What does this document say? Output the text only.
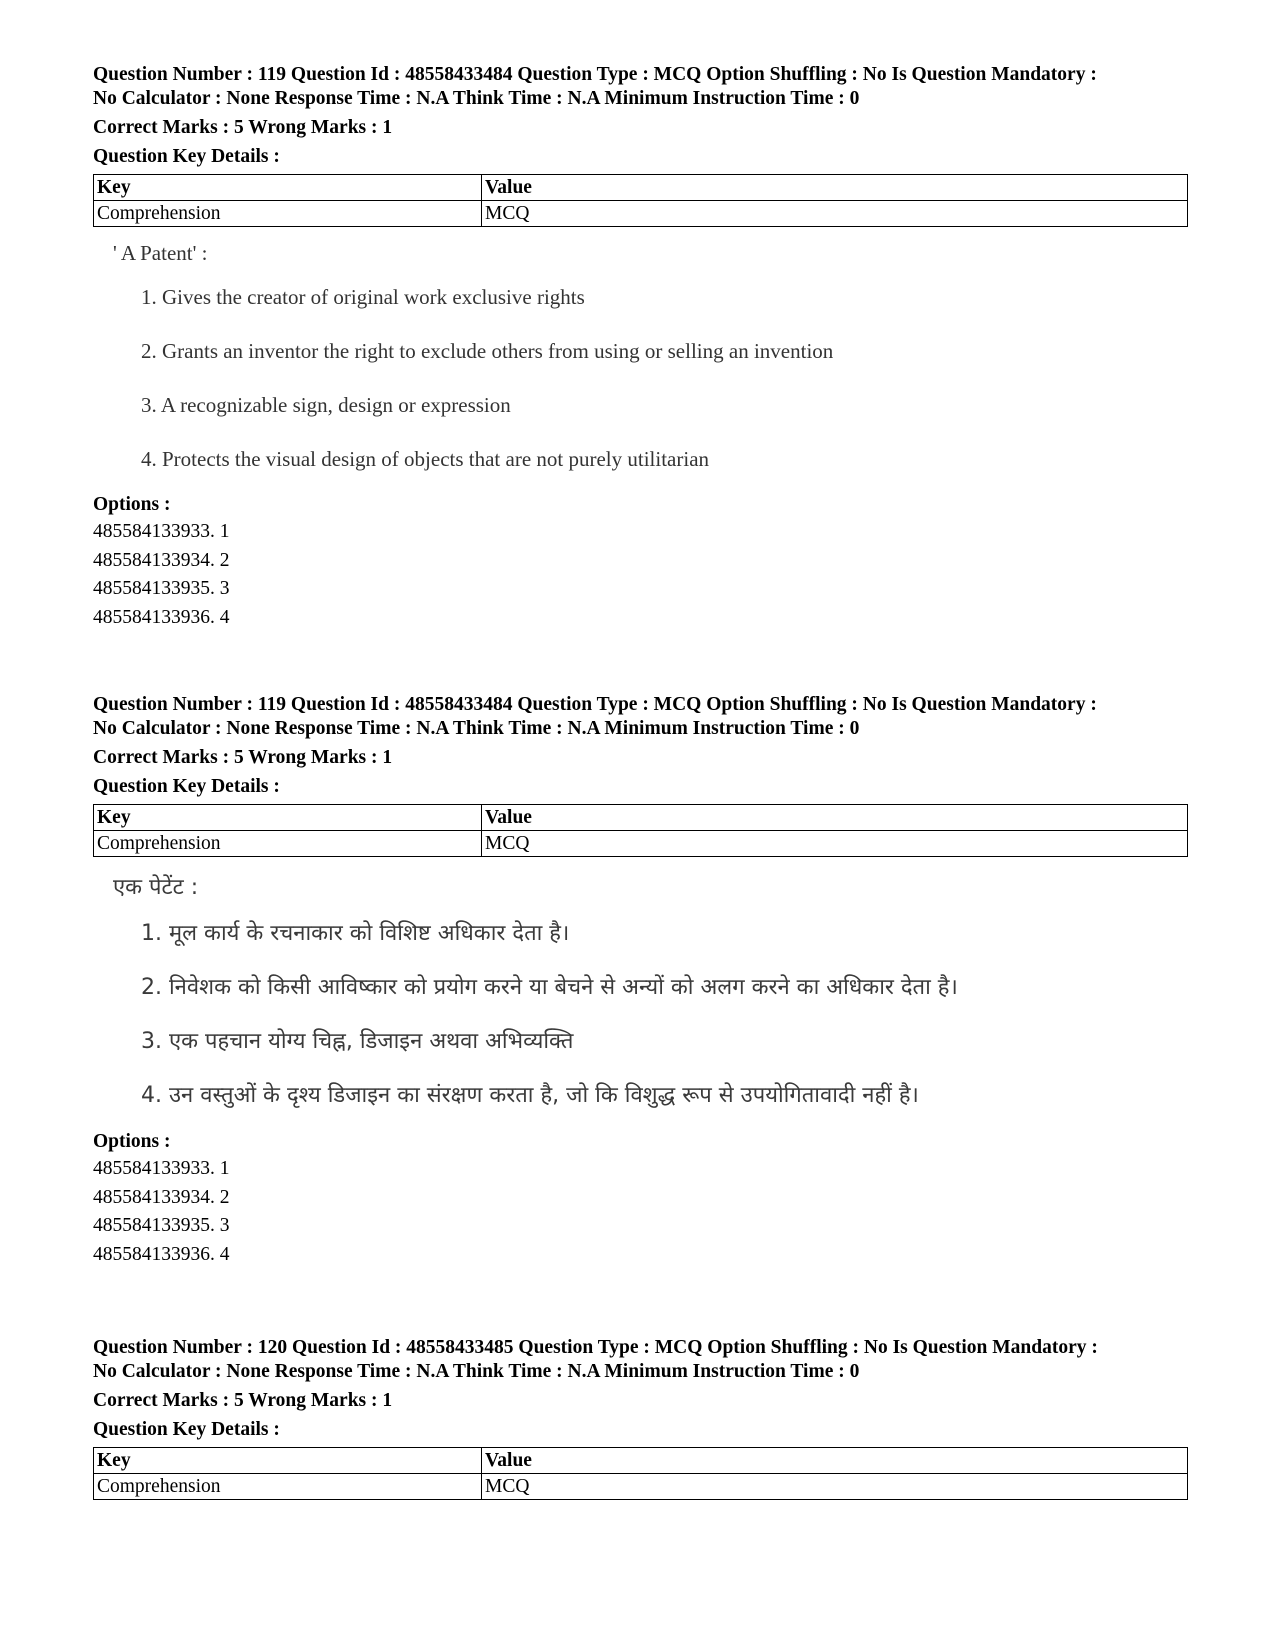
Question Number : 119 Question Id : 48558433484 Question Type : MCQ Option Shuffling : No Is Question Mandatory :

No Calculator : None Response Time : N.A Think Time : N.A Minimum Instruction Time : 0

Correct Marks : 5 Wrong Marks : 1

Question Key Details :

Key	Value
Comprehension	MCQ

' A Patent' :

1. Gives the creator of original work exclusive rights

2. Grants an inventor the right to exclude others from using or selling an invention

3. A recognizable sign, design or expression

4. Protects the visual design of objects that are not purely utilitarian

Options :

485584133933. 1

485584133934. 2

485584133935. 3

485584133936. 4

Question Number : 119 Question Id : 48558433484 Question Type : MCQ Option Shuffling : No Is Question Mandatory :

No Calculator : None Response Time : N.A Think Time : N.A Minimum Instruction Time : 0

Correct Marks : 5 Wrong Marks : 1

Question Key Details :

Key	Value
Comprehension	MCQ

एक पेटेंट :

1. मूल कार्य के रचनाकार को विशिष्ट अधिकार देता है।

2. निवेशक को किसी आविष्कार को प्रयोग करने या बेचने से अन्यों को अलग करने का अधिकार देता है।

3. एक पहचान योग्य चिह्न, डिजाइन अथवा अभिव्यक्ति

4. उन वस्तुओं के दृश्य डिजाइन का संरक्षण करता है, जो कि विशुद्ध रूप से उपयोगितावादी नहीं है।

Options :

485584133933. 1

485584133934. 2

485584133935. 3

485584133936. 4

Question Number : 120 Question Id : 48558433485 Question Type : MCQ Option Shuffling : No Is Question Mandatory :

No Calculator : None Response Time : N.A Think Time : N.A Minimum Instruction Time : 0

Correct Marks : 5 Wrong Marks : 1

Question Key Details :

Key	Value
Comprehension	MCQ
